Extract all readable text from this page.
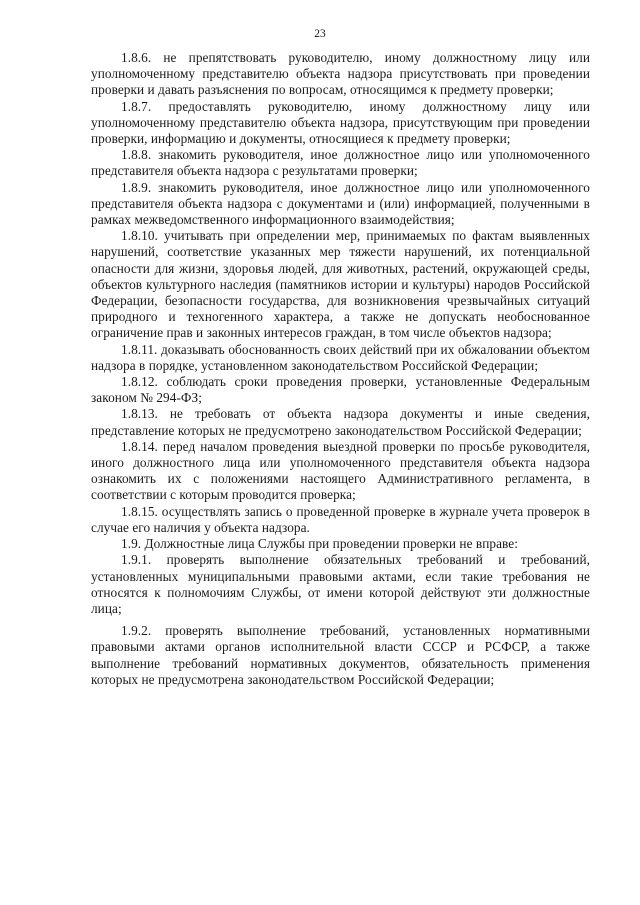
23

1.8.6. не препятствовать руководителю, иному должностному лицу или уполномоченному представителю объекта надзора присутствовать при проведении проверки и давать разъяснения по вопросам, относящимся к предмету проверки;

1.8.7. предоставлять руководителю, иному должностному лицу или уполномоченному представителю объекта надзора, присутствующим при проведении проверки, информацию и документы, относящиеся к предмету проверки;

1.8.8. знакомить руководителя, иное должностное лицо или уполномоченного представителя объекта надзора с результатами проверки;

1.8.9. знакомить руководителя, иное должностное лицо или уполномоченного представителя объекта надзора с документами и (или) информацией, полученными в рамках межведомственного информационного взаимодействия;

1.8.10. учитывать при определении мер, принимаемых по фактам выявленных нарушений, соответствие указанных мер тяжести нарушений, их потенциальной опасности для жизни, здоровья людей, для животных, растений, окружающей среды, объектов культурного наследия (памятников истории и культуры) народов Российской Федерации, безопасности государства, для возникновения чрезвычайных ситуаций природного и техногенного характера, а также не допускать необоснованное ограничение прав и законных интересов граждан, в том числе объектов надзора;

1.8.11. доказывать обоснованность своих действий при их обжаловании объектом надзора в порядке, установленном законодательством Российской Федерации;

1.8.12. соблюдать сроки проведения проверки, установленные Федеральным законом № 294-ФЗ;

1.8.13. не требовать от объекта надзора документы и иные сведения, представление которых не предусмотрено законодательством Российской Федерации;

1.8.14. перед началом проведения выездной проверки по просьбе руководителя, иного должностного лица или уполномоченного представителя объекта надзора ознакомить их с положениями настоящего Административного регламента, в соответствии с которым проводится проверка;

1.8.15. осуществлять запись о проведенной проверке в журнале учета проверок в случае его наличия у объекта надзора.

1.9. Должностные лица Службы при проведении проверки не вправе:

1.9.1. проверять выполнение обязательных требований и требований, установленных муниципальными правовыми актами, если такие требования не относятся к полномочиям Службы, от имени которой действуют эти должностные лица;

1.9.2. проверять выполнение требований, установленных нормативными правовыми актами органов исполнительной власти СССР и РСФСР, а также выполнение требований нормативных документов, обязательность применения которых не предусмотрена законодательством Российской Федерации;
